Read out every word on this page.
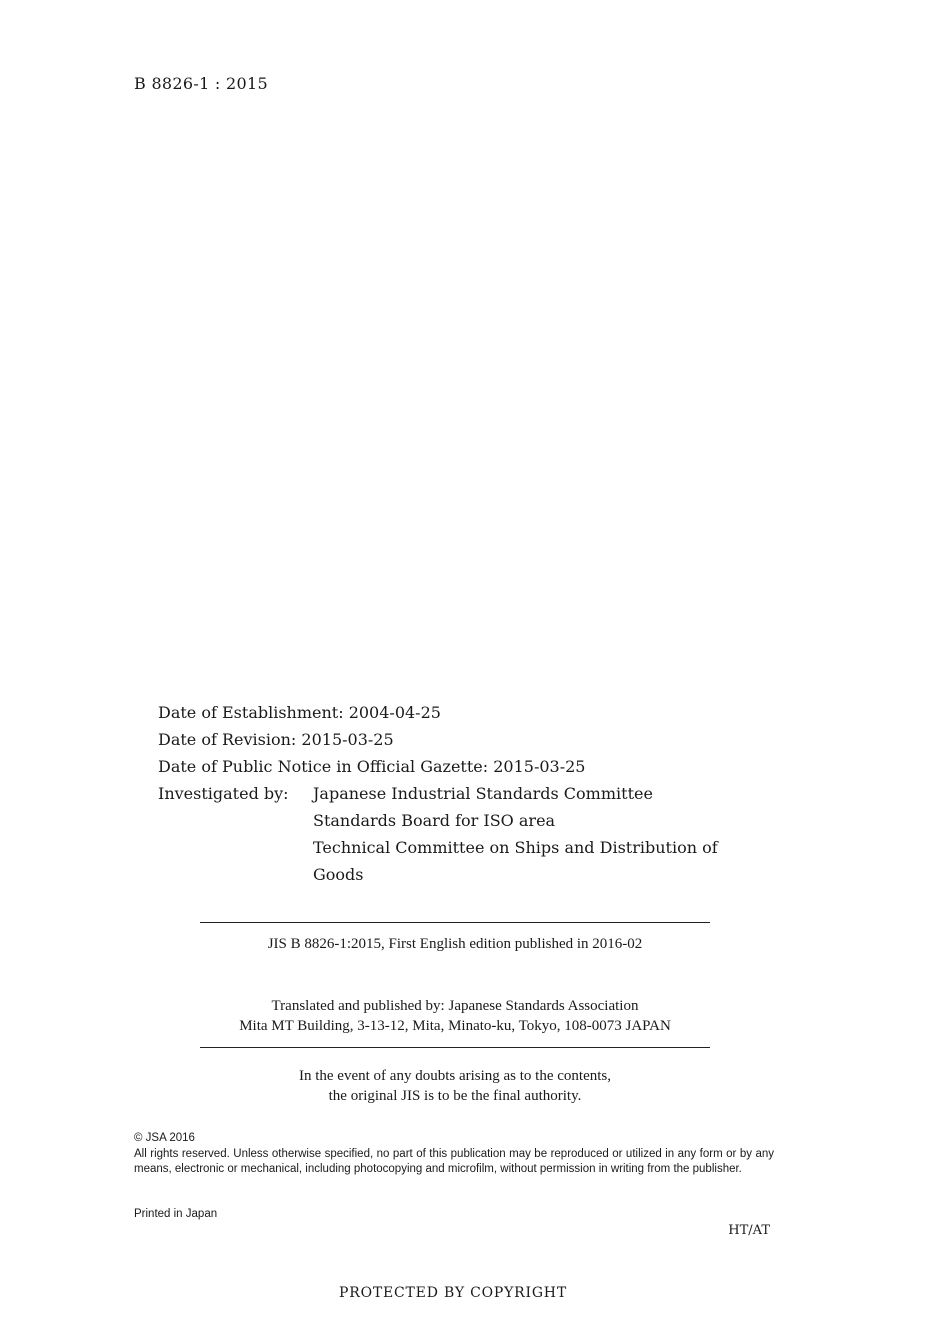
B 8826-1 : 2015
Date of Establishment: 2004-04-25
Date of Revision: 2015-03-25
Date of Public Notice in Official Gazette: 2015-03-25
Investigated by:	Japanese Industrial Standards Committee
Standards Board for ISO area
Technical Committee on Ships and Distribution of
Goods
JIS B 8826-1:2015, First English edition published in 2016-02
Translated and published by: Japanese Standards Association
Mita MT Building, 3-13-12, Mita, Minato-ku, Tokyo, 108-0073 JAPAN
In the event of any doubts arising as to the contents,
the original JIS is to be the final authority.

© JSA 2016

All rights reserved. Unless otherwise specified, no part of this publication may be reproduced or utilized in any form or by any means, electronic or mechanical, including photocopying and microfilm, without permission in writing from the publisher.

Printed in Japan
HT/AT
PROTECTED BY COPYRIGHT
